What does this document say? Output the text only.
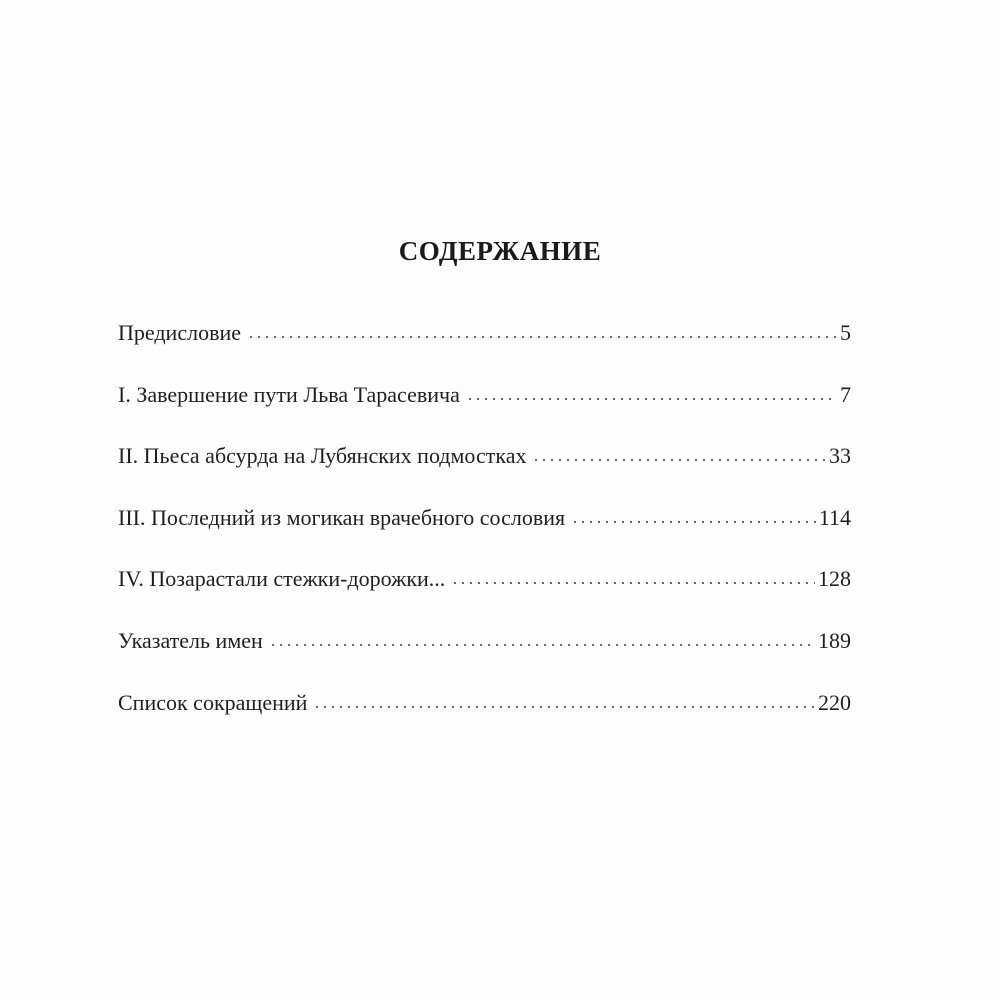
СОДЕРЖАНИЕ
Предисловие	5
I. Завершение пути Льва Тарасевича	7
II. Пьеса абсурда на Лубянских подмостках	33
III. Последний из могикан врачебного сословия	114
IV. Позарастали стежки-дорожки...	128
Указатель имен	189
Список сокращений	220
